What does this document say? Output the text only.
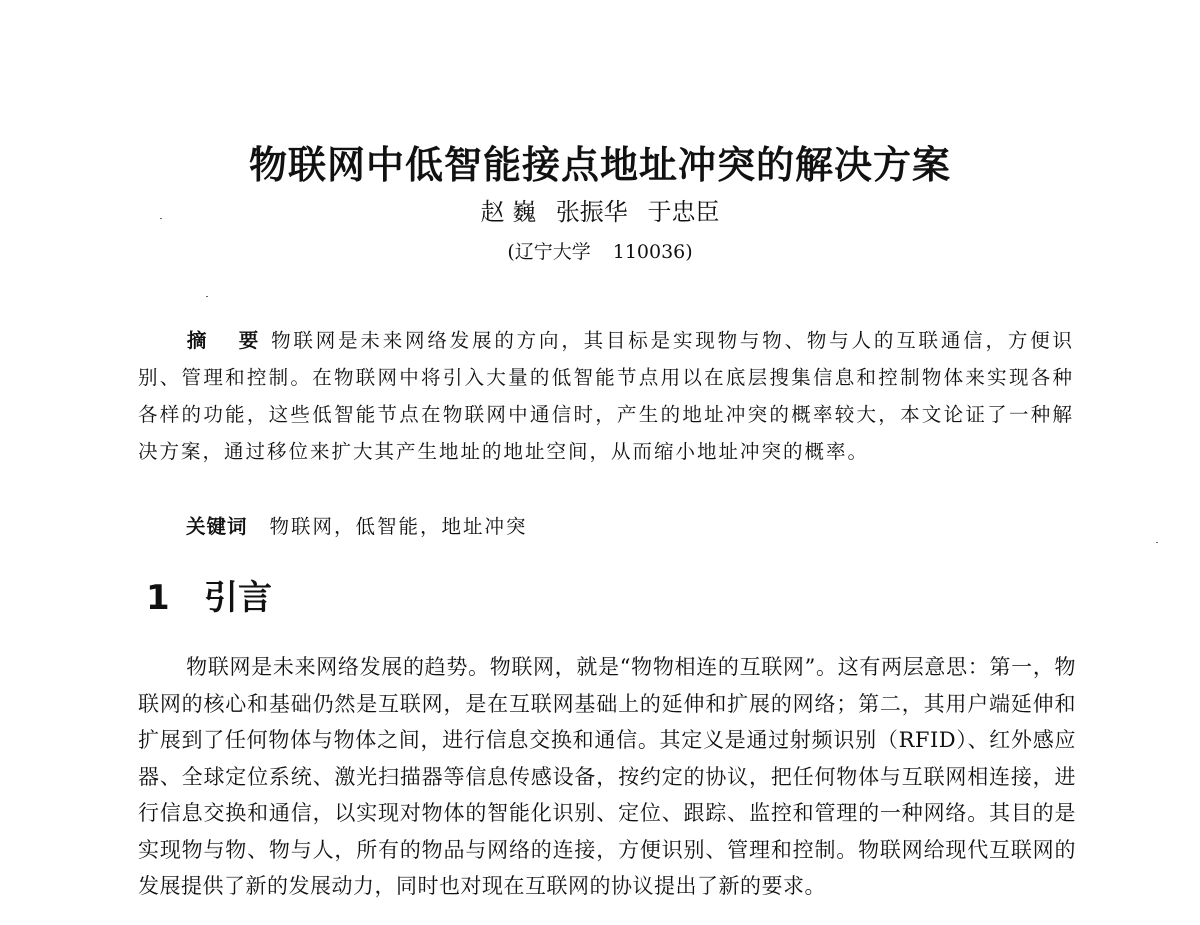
物联网中低智能接点地址冲突的解决方案
赵 巍 张振华 于忠臣
(辽宁大学 110036)

摘 要物联网是未来网络发展的方向，其目标是实现物与物、物与人的互联通信，方便识别、管理和控制。在物联网中将引入大量的低智能节点用以在底层搜集信息和控制物体来实现各种各样的功能，这些低智能节点在物联网中通信时，产生的地址冲突的概率较大，本文论证了一种解决方案，通过移位来扩大其产生地址的地址空间，从而缩小地址冲突的概率。

关键词 物联网，低智能，地址冲突
1 引言

物联网是未来网络发展的趋势。物联网，就是“物物相连的互联网”。这有两层意思：第一，物联网的核心和基础仍然是互联网，是在互联网基础上的延伸和扩展的网络；第二，其用户端延伸和扩展到了任何物体与物体之间，进行信息交换和通信。其定义是通过射频识别（RFID）、红外感应器、全球定位系统、激光扫描器等信息传感设备，按约定的协议，把任何物体与互联网相连接，进行信息交换和通信，以实现对物体的智能化识别、定位、跟踪、监控和管理的一种网络。其目的是实现物与物、物与人，所有的物品与网络的连接，方便识别、管理和控制。物联网给现代互联网的发展提供了新的发展动力，同时也对现在互联网的协议提出了新的要求。
